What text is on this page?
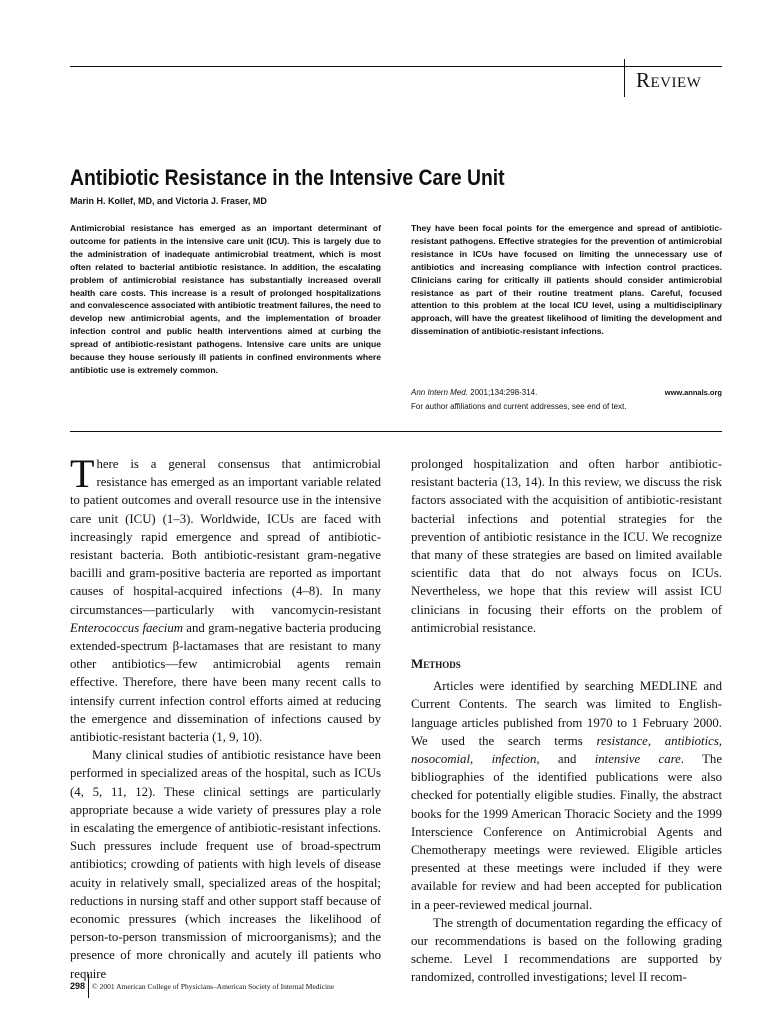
Review
Antibiotic Resistance in the Intensive Care Unit
Marin H. Kollef, MD, and Victoria J. Fraser, MD
Antimicrobial resistance has emerged as an important determinant of outcome for patients in the intensive care unit (ICU). This is largely due to the administration of inadequate antimicrobial treatment, which is most often related to bacterial antibiotic resistance. In addition, the escalating problem of antimicrobial resistance has substantially increased overall health care costs. This increase is a result of prolonged hospitalizations and convalescence associated with antibiotic treatment failures, the need to develop new antimicrobial agents, and the implementation of broader infection control and public health interventions aimed at curbing the spread of antibiotic-resistant pathogens. Intensive care units are unique because they house seriously ill patients in confined environments where antibiotic use is extremely common.
They have been focal points for the emergence and spread of antibiotic-resistant pathogens. Effective strategies for the prevention of antimicrobial resistance in ICUs have focused on limiting the unnecessary use of antibiotics and increasing compliance with infection control practices. Clinicians caring for critically ill patients should consider antimicrobial resistance as part of their routine treatment plans. Careful, focused attention to this problem at the local ICU level, using a multidisciplinary approach, will have the greatest likelihood of limiting the development and dissemination of antibiotic-resistant infections.
Ann Intern Med. 2001;134:298-314.	www.annals.org
For author affiliations and current addresses, see end of text.

There is a general consensus that antimicrobial resistance has emerged as an important variable related to patient outcomes and overall resource use in the intensive care unit (ICU) (1–3). Worldwide, ICUs are faced with increasingly rapid emergence and spread of antibiotic-resistant bacteria. Both antibiotic-resistant gram-negative bacilli and gram-positive bacteria are reported as important causes of hospital-acquired infections (4–8). In many circumstances—particularly with vancomycin-resistant Enterococcus faecium and gram-negative bacteria producing extended-spectrum β-lactamases that are resistant to many other antibiotics—few antimicrobial agents remain effective. Therefore, there have been many recent calls to intensify current infection control efforts aimed at reducing the emergence and dissemination of infections caused by antibiotic-resistant bacteria (1, 9, 10).

Many clinical studies of antibiotic resistance have been performed in specialized areas of the hospital, such as ICUs (4, 5, 11, 12). These clinical settings are particularly appropriate because a wide variety of pressures play a role in escalating the emergence of antibiotic-resistant infections. Such pressures include frequent use of broad-spectrum antibiotics; crowding of patients with high levels of disease acuity in relatively small, specialized areas of the hospital; reductions in nursing staff and other support staff because of economic pressures (which increases the likelihood of person-to-person transmission of microorganisms); and the presence of more chronically and acutely ill patients who require

prolonged hospitalization and often harbor antibiotic-resistant bacteria (13, 14). In this review, we discuss the risk factors associated with the acquisition of antibiotic-resistant bacterial infections and potential strategies for the prevention of antibiotic resistance in the ICU. We recognize that many of these strategies are based on limited available scientific data that do not always focus on ICUs. Nevertheless, we hope that this review will assist ICU clinicians in focusing their efforts on the problem of antimicrobial resistance.

Methods

Articles were identified by searching MEDLINE and Current Contents. The search was limited to English-language articles published from 1970 to 1 February 2000. We used the search terms resistance, antibiotics, nosocomial, infection, and intensive care. The bibliographies of the identified publications were also checked for potentially eligible studies. Finally, the abstract books for the 1999 American Thoracic Society and the 1999 Interscience Conference on Antimicrobial Agents and Chemotherapy meetings were reviewed. Eligible articles presented at these meetings were included if they were available for review and had been accepted for publication in a peer-reviewed medical journal.

The strength of documentation regarding the efficacy of our recommendations is based on the following grading scheme. Level I recommendations are supported by randomized, controlled investigations; level II recom-

298 © 2001 American College of Physicians–American Society of Internal Medicine
